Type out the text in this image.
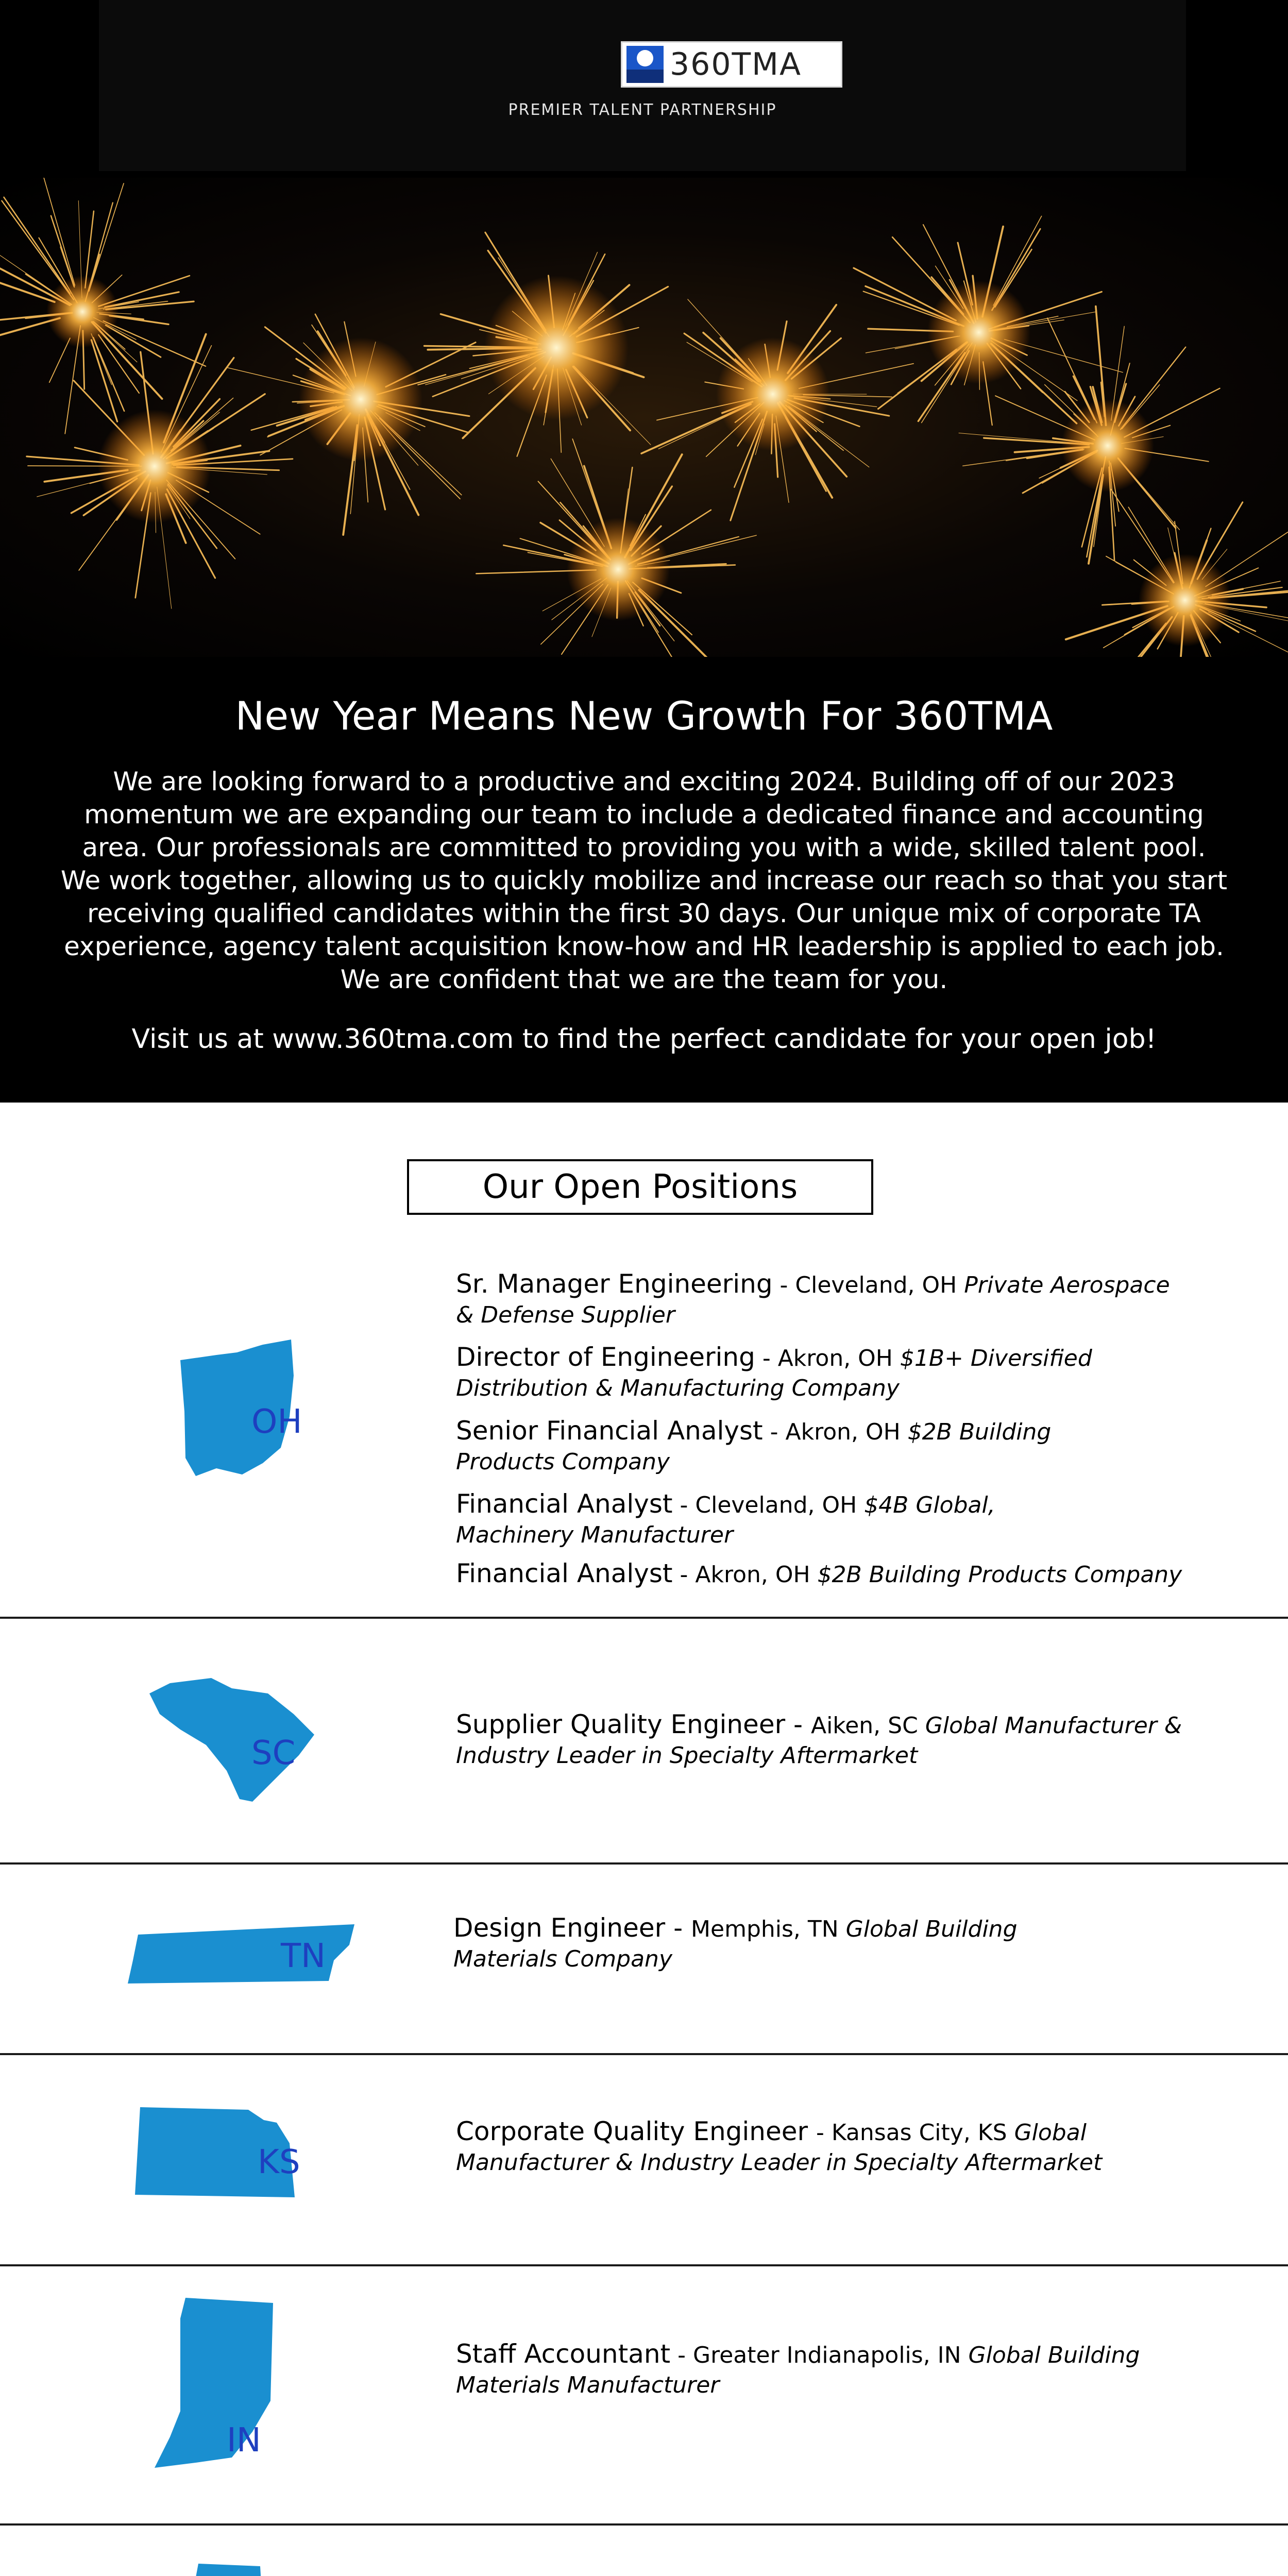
360TMA
PREMIER TALENT PARTNERSHIP
New Year Means New Growth For 360TMA

We are looking forward to a productive and exciting 2024. Building off of our 2023 momentum we are expanding our team to include a dedicated finance and accounting area. Our professionals are committed to providing you with a wide, skilled talent pool. We work together, allowing us to quickly mobilize and increase our reach so that you start receiving qualified candidates within the first 30 days. Our unique mix of corporate TA experience, agency talent acquisition know-how and HR leadership is applied to each job. We are confident that we are the team for you.

Visit us at www.360tma.com to find the perfect candidate for your open job!
Our Open Positions
OH
Sr. Manager Engineering - Cleveland, OH Private Aerospace & Defense Supplier
Director of Engineering - Akron, OH $1B+ Diversified Distribution & Manufacturing Company
Senior Financial Analyst - Akron, OH $2B Building Products Company
Financial Analyst - Cleveland, OH $4B Global, Machinery Manufacturer
Financial Analyst - Akron, OH $2B Building Products Company
SC
Supplier Quality Engineer - Aiken, SC Global Manufacturer & Industry Leader in Specialty Aftermarket
TN
Design Engineer - Memphis, TN Global Building Materials Company
KS
Corporate Quality Engineer - Kansas City, KS Global Manufacturer & Industry Leader in Specialty Aftermarket
IN
Staff Accountant - Greater Indianapolis, IN Global Building Materials Manufacturer
